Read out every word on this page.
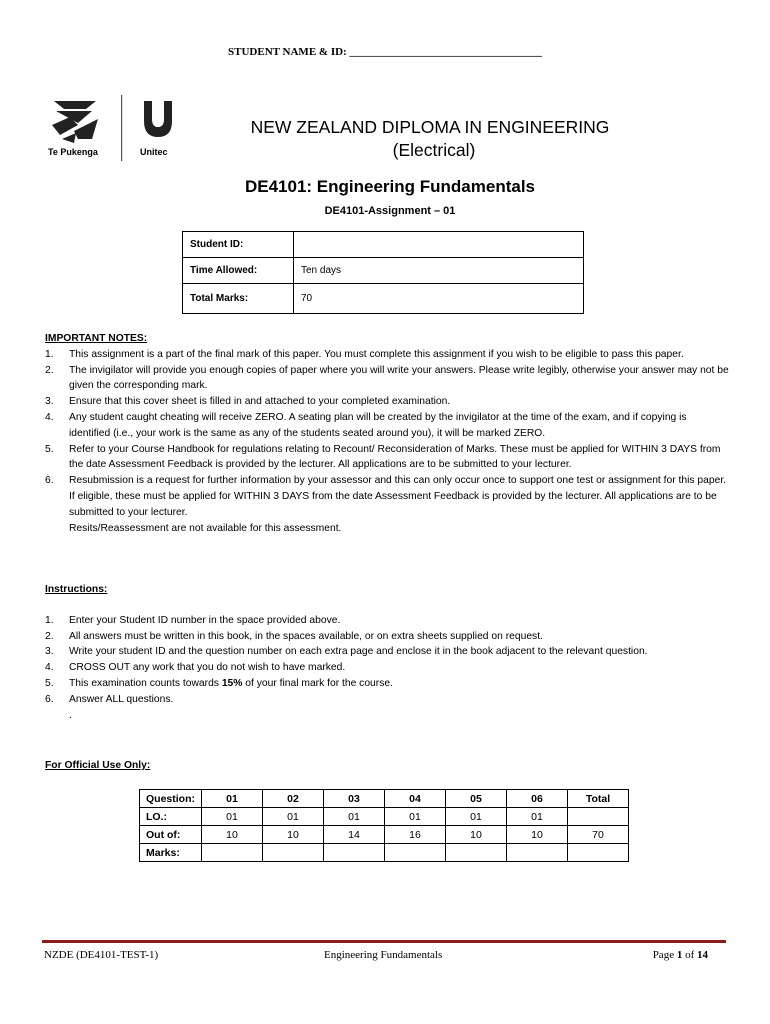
STUDENT NAME & ID: ___________________________________
Te Pukenga	Unitec
NEW ZEALAND DIPLOMA IN ENGINEERING
(Electrical)
DE4101: Engineering Fundamentals
DE4101-Assignment – 01
Student ID:	
Time Allowed:	Ten days
Total Marks:	70
IMPORTANT NOTES:
1. This assignment is a part of the final mark of this paper. You must complete this assignment if you wish to be eligible to pass this paper.
2. The invigilator will provide you enough copies of paper where you will write your answers. Please write legibly, otherwise your answer may not be given the corresponding mark.
3. Ensure that this cover sheet is filled in and attached to your completed examination.
4. Any student caught cheating will receive ZERO. A seating plan will be created by the invigilator at the time of the exam, and if copying is identified (i.e., your work is the same as any of the students seated around you), it will be marked ZERO.
5. Refer to your Course Handbook for regulations relating to Recount/ Reconsideration of Marks. These must be applied for WITHIN 3 DAYS from the date Assessment Feedback is provided by the lecturer. All applications are to be submitted to your lecturer.
6. Resubmission is a request for further information by your assessor and this can only occur once to support one test or assignment for this paper. If eligible, these must be applied for WITHIN 3 DAYS from the date Assessment Feedback is provided by the lecturer. All applications are to be submitted to your lecturer.
Resits/Reassessment are not available for this assessment.
Instructions:
1. Enter your Student ID number in the space provided above.
2. All answers must be written in this book, in the spaces available, or on extra sheets supplied on request.
3. Write your student ID and the question number on each extra page and enclose it in the book adjacent to the relevant question.
4. CROSS OUT any work that you do not wish to have marked.
5. This examination counts towards 15% of your final mark for the course.
6. Answer ALL questions.
.
For Official Use Only:
Question:	01	02	03	04	05	06	Total
LO.:	01	01	01	01	01	01	
Out of:	10	10	14	16	10	10	70
Marks:							
NZDE (DE4101-TEST-1)	Engineering Fundamentals	Page 1 of 14
